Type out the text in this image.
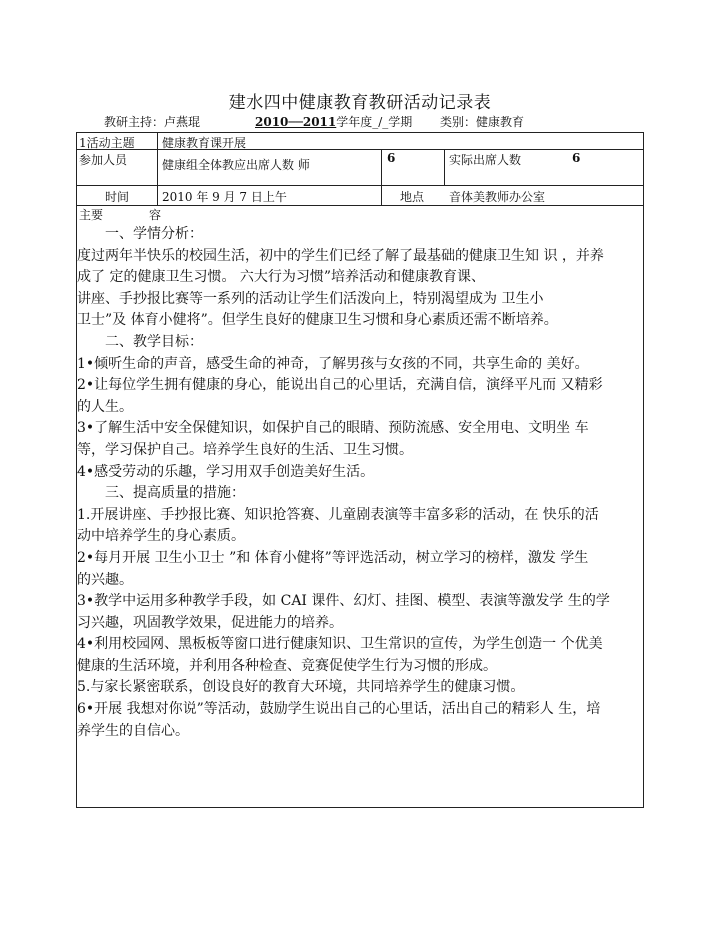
建水四中健康教育教研活动记录表
教研主持：卢燕琨	2010──2011学年度_/_学期 类别：健康教育
1活动主题 健康教育课开展
参加人员	健康组全体教应出席人数 师	6	实际出席人数	6
时间	2010 年 9 月 7 日上午	地点 音体美教师办公室
主要	容

一、学情分析：

度过两年半快乐的校园生活，初中的学生们已经了解了最基础的健康卫生知 识 ，并养

成了 定的健康卫生习惯。 六大行为习惯”培养活动和健康教育课、

讲座、手抄报比赛等一系列的活动让学生们活泼向上，特别渴望成为 卫生小

卫士”及 体育小健将”。但学生良好的健康卫生习惯和身心素质还需不断培养。

二、教学目标：

1•倾听生命的声音，感受生命的神奇，了解男孩与女孩的不同，共享生命的 美好。

2•让每位学生拥有健康的身心，能说出自己的心里话，充满自信，演绎平凡而 又精彩

的人生。

3•了解生活中安全保健知识，如保护自己的眼睛、预防流感、安全用电、文明坐 车

等，学习保护自己。培养学生良好的生活、卫生习惯。

4•感受劳动的乐趣，学习用双手创造美好生活。

三、提高质量的措施：

1.开展讲座、手抄报比赛、知识抢答赛、儿童剧表演等丰富多彩的活动，在 快乐的活

动中培养学生的身心素质。

2•每月开展 卫生小卫士 ”和 体育小健将”等评选活动，树立学习的榜样，激发 学生

的兴趣。

3•教学中运用多种教学手段，如 CAI 课件、幻灯、挂图、模型、表演等激发学 生的学

习兴趣，巩固教学效果，促进能力的培养。

4•利用校园网、黑板板等窗口进行健康知识、卫生常识的宣传，为学生创造一 个优美

健康的生活环境，并利用各种检查、竞赛促使学生行为习惯的形成。

5.与家长紧密联系，创设良好的教育大环境，共同培养学生的健康习惯。

6•开展 我想对你说”等活动，鼓励学生说出自己的心里话，活出自己的精彩人 生，培

养学生的自信心。
